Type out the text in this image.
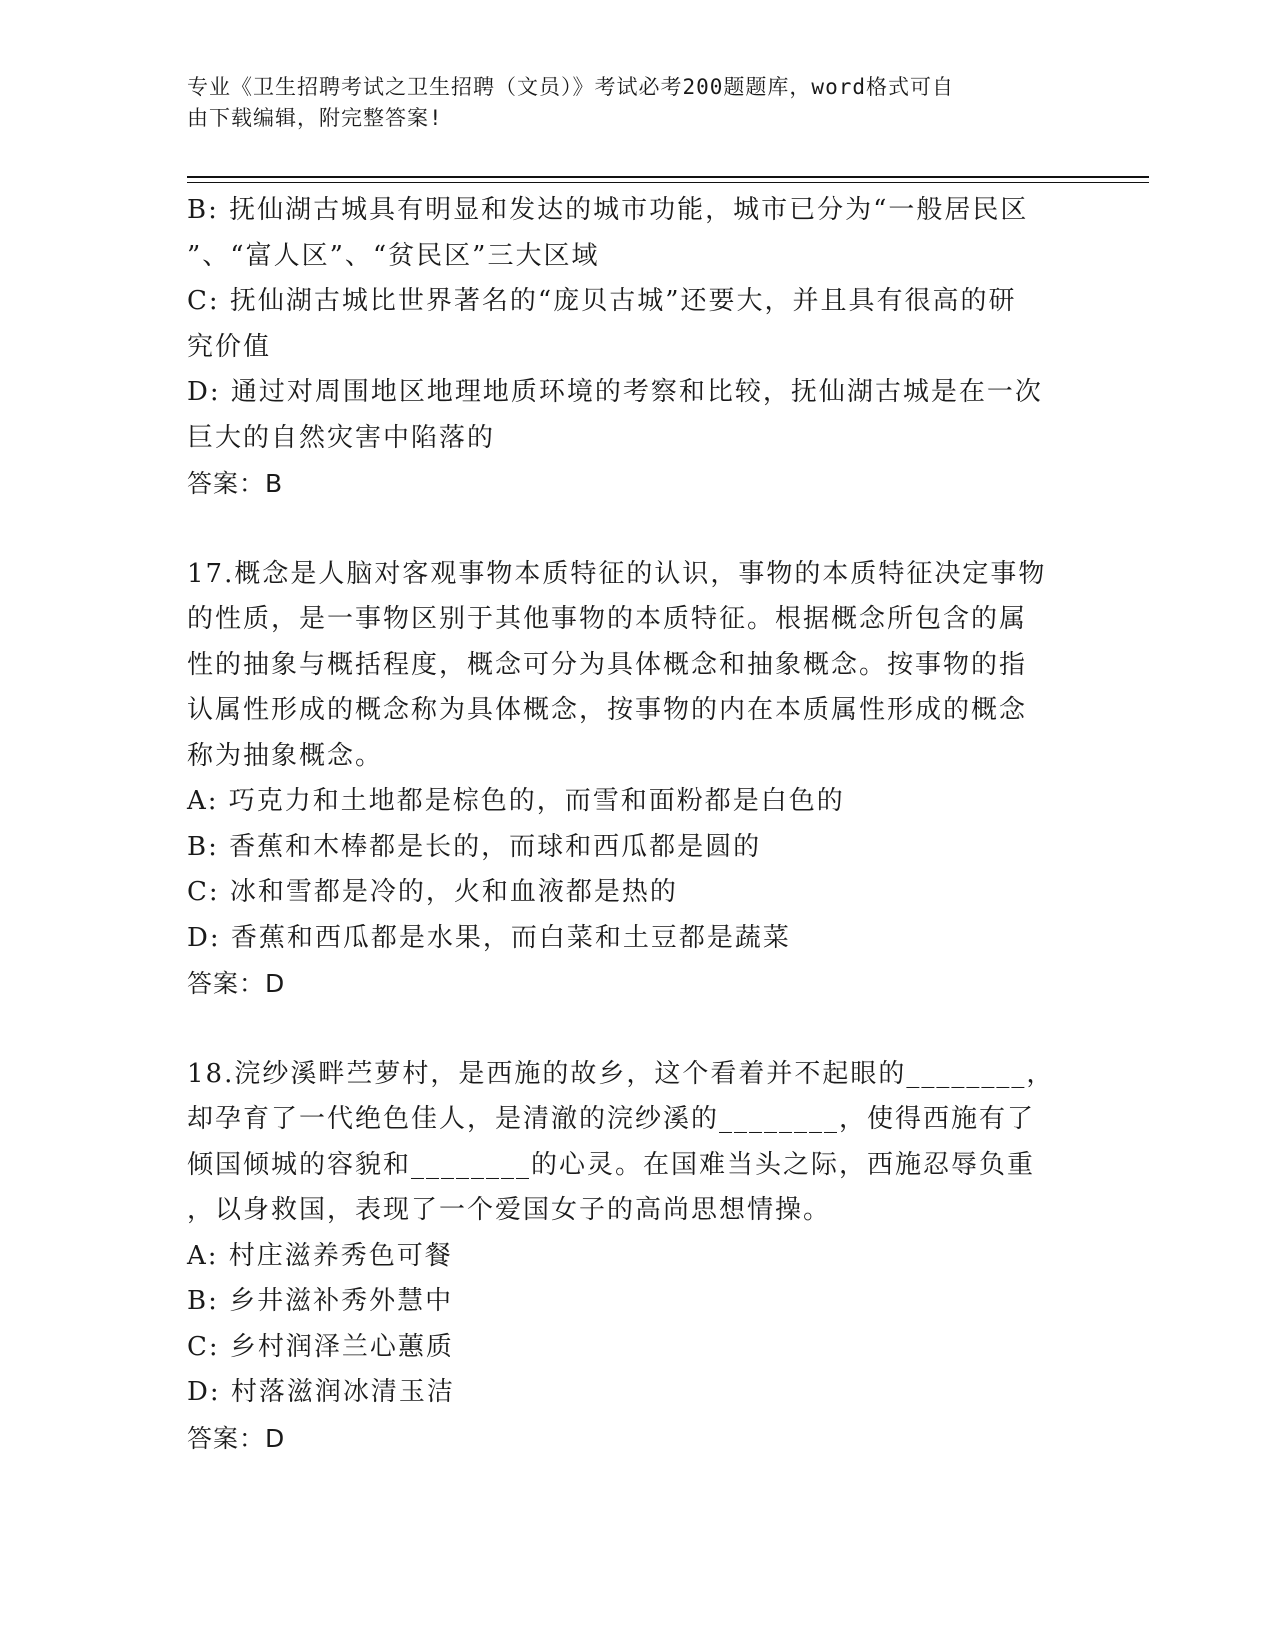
专业《卫生招聘考试之卫生招聘（文员）》考试必考200题题库，word格式可自
由下载编辑，附完整答案!
B: 抚仙湖古城具有明显和发达的城市功能，城市已分为“一般居民区
”、“富人区”、“贫民区”三大区域
C: 抚仙湖古城比世界著名的“庞贝古城”还要大，并且具有很高的研
究价值
D: 通过对周围地区地理地质环境的考察和比较，抚仙湖古城是在一次
巨大的自然灾害中陷落的
答案：B
17.概念是人脑对客观事物本质特征的认识，事物的本质特征决定事物
的性质，是一事物区别于其他事物的本质特征。根据概念所包含的属
性的抽象与概括程度，概念可分为具体概念和抽象概念。按事物的指
认属性形成的概念称为具体概念，按事物的内在本质属性形成的概念
称为抽象概念。
A: 巧克力和土地都是棕色的，而雪和面粉都是白色的
B: 香蕉和木棒都是长的，而球和西瓜都是圆的
C: 冰和雪都是冷的，火和血液都是热的
D: 香蕉和西瓜都是水果，而白菜和土豆都是蔬菜
答案：D
18.浣纱溪畔苎萝村，是西施的故乡，这个看着并不起眼的________，
却孕育了一代绝色佳人，是清澈的浣纱溪的________，使得西施有了
倾国倾城的容貌和________的心灵。在国难当头之际，西施忍辱负重
，以身救国，表现了一个爱国女子的高尚思想情操。
A: 村庄滋养秀色可餐
B: 乡井滋补秀外慧中
C: 乡村润泽兰心蕙质
D: 村落滋润冰清玉洁
答案：D
